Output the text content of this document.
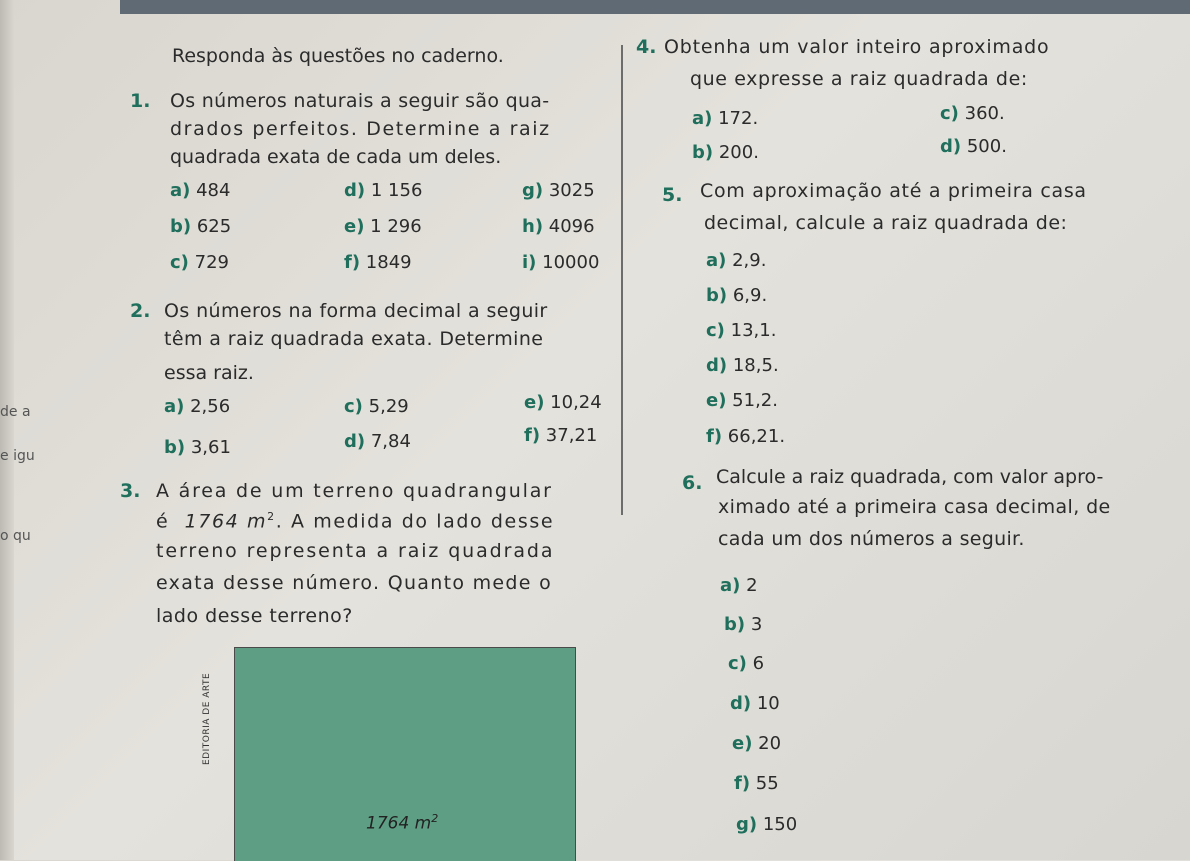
de a
e igu
o qu
Responda às questões no caderno.
1. Os números naturais a seguir são qua-
drados perfeitos. Determine a raiz
quadrada exata de cada um deles.
a) 484	d) 1 156	g) 3025
b) 625	e) 1 296	h) 4096
c) 729	f) 1849	i) 10000
2. Os números na forma decimal a seguir
têm a raiz quadrada exata. Determine
essa raiz.
a) 2,56	c) 5,29	e) 10,24
b) 3,61	d) 7,84	f) 37,21
3. A área de um terreno quadrangular
é 1764 $m^2$. A medida do lado desse
terreno representa a raiz quadrada
exata desse número. Quanto mede o
lado desse terreno?
EDITORIA DE ARTE
1764 $m^2$
4. Obtenha um valor inteiro aproximado
que expresse a raiz quadrada de:
a) 172.	c) 360.
b) 200.	d) 500.
5. Com aproximação até a primeira casa
decimal, calcule a raiz quadrada de:
a) 2,9.
b) 6,9.
c) 13,1.
d) 18,5.
e) 51,2.
f) 66,21.
6. Calcule a raiz quadrada, com valor apro-
ximado até a primeira casa decimal, de
cada um dos números a seguir.
a) 2
b) 3
c) 6
d) 10
e) 20
f) 55
g) 150
